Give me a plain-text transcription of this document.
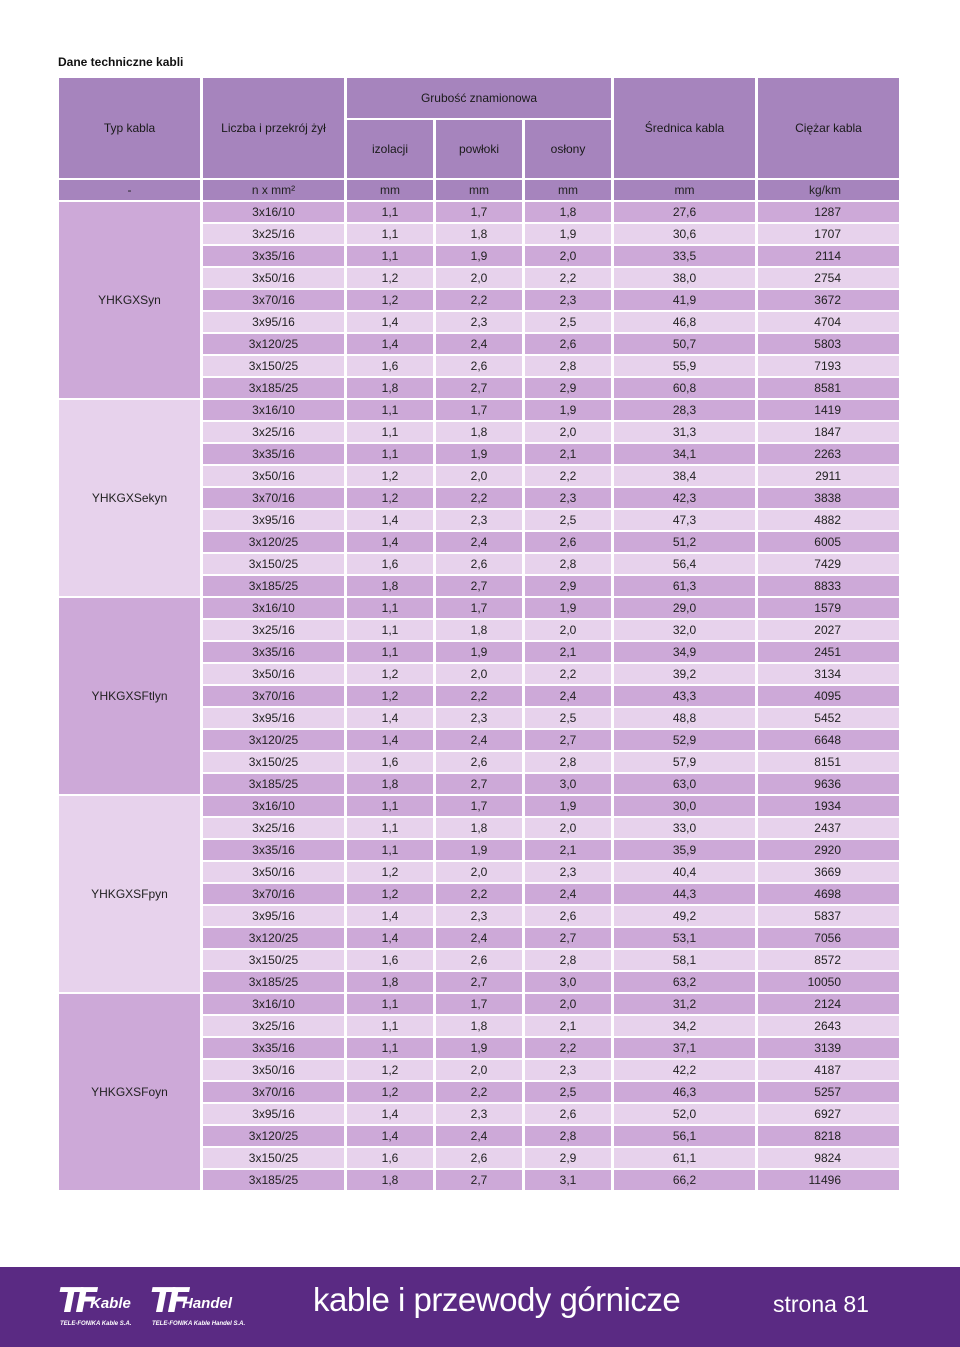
Dane techniczne kabli
Typ kabla	Liczba i przekrój żył	Grubość znamionowa			Średnica kabla	Ciężar kabla
		izolacji	powłoki	osłony		
-	n x mm²	mm	mm	mm	mm	kg/km
YHKGXSyn	3x16/10	1,1	1,7	1,8	27,6	1287
	3x25/16	1,1	1,8	1,9	30,6	1707
	3x35/16	1,1	1,9	2,0	33,5	2114
	3x50/16	1,2	2,0	2,2	38,0	2754
	3x70/16	1,2	2,2	2,3	41,9	3672
	3x95/16	1,4	2,3	2,5	46,8	4704
	3x120/25	1,4	2,4	2,6	50,7	5803
	3x150/25	1,6	2,6	2,8	55,9	7193
	3x185/25	1,8	2,7	2,9	60,8	8581
YHKGXSekyn	3x16/10	1,1	1,7	1,9	28,3	1419
	3x25/16	1,1	1,8	2,0	31,3	1847
	3x35/16	1,1	1,9	2,1	34,1	2263
	3x50/16	1,2	2,0	2,2	38,4	2911
	3x70/16	1,2	2,2	2,3	42,3	3838
	3x95/16	1,4	2,3	2,5	47,3	4882
	3x120/25	1,4	2,4	2,6	51,2	6005
	3x150/25	1,6	2,6	2,8	56,4	7429
	3x185/25	1,8	2,7	2,9	61,3	8833
YHKGXSFtlyn	3x16/10	1,1	1,7	1,9	29,0	1579
	3x25/16	1,1	1,8	2,0	32,0	2027
	3x35/16	1,1	1,9	2,1	34,9	2451
	3x50/16	1,2	2,0	2,2	39,2	3134
	3x70/16	1,2	2,2	2,4	43,3	4095
	3x95/16	1,4	2,3	2,5	48,8	5452
	3x120/25	1,4	2,4	2,7	52,9	6648
	3x150/25	1,6	2,6	2,8	57,9	8151
	3x185/25	1,8	2,7	3,0	63,0	9636
YHKGXSFpyn	3x16/10	1,1	1,7	1,9	30,0	1934
	3x25/16	1,1	1,8	2,0	33,0	2437
	3x35/16	1,1	1,9	2,1	35,9	2920
	3x50/16	1,2	2,0	2,3	40,4	3669
	3x70/16	1,2	2,2	2,4	44,3	4698
	3x95/16	1,4	2,3	2,6	49,2	5837
	3x120/25	1,4	2,4	2,7	53,1	7056
	3x150/25	1,6	2,6	2,8	58,1	8572
	3x185/25	1,8	2,7	3,0	63,2	10050
YHKGXSFoyn	3x16/10	1,1	1,7	2,0	31,2	2124
	3x25/16	1,1	1,8	2,1	34,2	2643
	3x35/16	1,1	1,9	2,2	37,1	3139
	3x50/16	1,2	2,0	2,3	42,2	4187
	3x70/16	1,2	2,2	2,5	46,3	5257
	3x95/16	1,4	2,3	2,6	52,0	6927
	3x120/25	1,4	2,4	2,8	56,1	8218
	3x150/25	1,6	2,6	2,9	61,1	9824
	3x185/25	1,8	2,7	3,1	66,2	11496
TF
Kable
TELE-FONIKA Kable S.A.
TF
Handel
TELE-FONIKA Kable Handel S.A.
kable i przewody górnicze	strona 81
